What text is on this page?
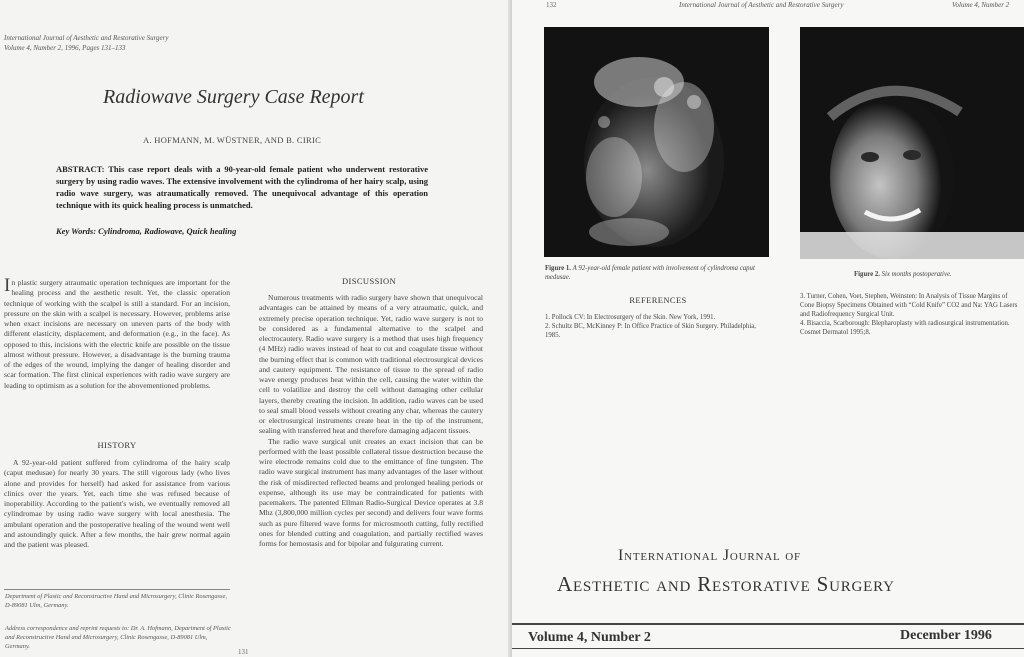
International Journal of Aesthetic and Restorative Surgery
Volume 4, Number 2, 1996, Pages 131–133
Radiowave Surgery Case Report
A. HOFMANN, M. WÜSTNER, AND B. CIRIC
ABSTRACT: This case report deals with a 90-year-old female patient who underwent restorative surgery by using radio waves. The extensive involvement with the cylindroma of her hairy scalp, using radio wave surgery, was atraumatically removed. The unequivocal advantage of this operation technique with its quick healing process is unmatched.
Key Words: Cylindroma, Radiowave, Quick healing

In plastic surgery atraumatic operation techniques are important for the healing process and the aesthetic result. Yet, the classic operation technique of working with the scalpel is still a standard. For an incision, pressure on the skin with a scalpel is necessary. However, problems arise when exact incisions are necessary on uneven parts of the body with different elasticity, displacement, and deformation (e.g., in the face). As opposed to this, incisions with the electric knife are possible on the tissue almost without pressure. However, a disadvantage is the burning trauma of the edges of the wound, implying the danger of healing disorder and scar formation. The first clinical experiences with radio wave surgery are leading to optimism as a solution for the abovementioned problems.

HISTORY

A 92-year-old patient suffered from cylindroma of the hairy scalp (caput medusae) for nearly 30 years. The still vigorous lady (who lives alone and provides for herself) had asked for assistance from various clinics over the years. Yet, each time she was refused because of inoperability. According to the patient's wish, we eventually removed all cylindromae by using radio wave surgery with local anesthesia. The ambulant operation and the postoperative healing of the wound went well and astoundingly quick. After a few months, the hair grew normal again and the patient was pleased.

Department of Plastic and Reconstructive Hand and Microsurgery, Clinic Rosengasse, D-89081 Ulm, Germany.
Address correspondence and reprint requests to: Dr. A. Hofmann, Department of Plastic and Reconstructive Hand and Microsurgery, Clinic Rosengasse, D-89081 Ulm, Germany.
DISCUSSION

Numerous treatments with radio surgery have shown that unequivocal advantages can be attained by means of a very atraumatic, quick, and extremely precise operation technique. Yet, radio wave surgery is not to be considered as a fundamental alternative to the scalpel and electrocautery. Radio wave surgery is a method that uses high frequency (4 MHz) radio waves instead of heat to cut and coagulate tissue without the burning effect that is common with traditional electrosurgical devices and cautery equipment. The resistance of tissue to the spread of radio wave energy produces heat within the cell, causing the water within the cell to volatilize and destroy the cell without damaging other cellular layers, thereby creating the incision. In addition, radio waves can be used to seal small blood vessels without creating any char, whereas the cautery or electrosurgical instruments create heat in the tip of the instrument, sealing with transferred heat and therefore damaging adjacent tissues.

The radio wave surgical unit creates an exact incision that can be performed with the least possible collateral tissue destruction because the wire electrode remains cold due to the emittance of fine tungsten. The radio wave surgical instrument has many advantages of the laser without the risk of misdirected reflected beams and prolonged healing periods or expense, although its use may be contraindicated for patients with pacemakers. The patented Ellman Radio-Surgical Device operates at 3.8 Mhz (3,800,000 million cycles per second) and delivers four wave forms such as pure filtered wave forms for microsmooth cutting, fully rectified ones for blended cutting and coagulation, and partially rectified waves forms for hemostasis and for bipolar and fulgurating current.

131
132	International Journal of Aesthetic and Restorative Surgery	Volume 4, Number 2
Figure 1. A 92-year-old female patient with involvement of cylindroma caput medusae.	Figure 2. Six months postoperative.
REFERENCES
1. Pollock CV: In Electrosurgery of the Skin. New York, 1991.
2. Schultz BC, McKinney P: In Office Practice of Skin Surgery. Philadelphia, 1985.
3. Turner, Cohen, Voet, Stephen, Weinsten: In Analysis of Tissue Margins of Cone Biopsy Specimens Obtained with “Cold Knife” CO2 and Na: YAG Lasers and Radiofrequency Surgical Unit.
4. Bisaccia, Scarborough: Blepharoplasty with radiosurgical instrumentation. Cosmet Dermatol 1995;8.
International Journal of
Aesthetic and Restorative Surgery
Volume 4, Number 2	December 1996
